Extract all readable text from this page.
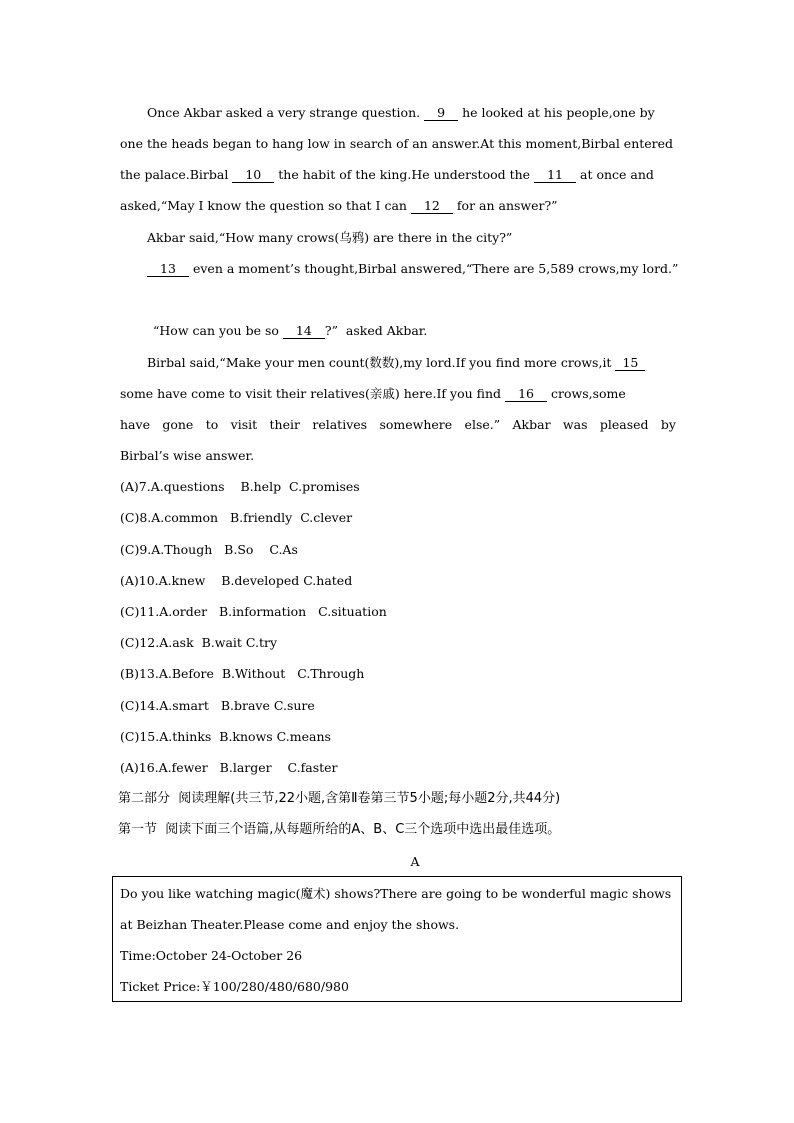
Once Akbar asked a very strange question. 9 he looked at his people,one by
one the heads began to hang low in search of an answer.At this moment,Birbal entered
the palace.Birbal 10 the habit of the king.He understood the 11 at once and
asked,“May I know the question so that I can 12 for an answer?”
Akbar said,“How many crows(乌鸦) are there in the city?”
13 even a moment’s thought,Birbal answered,“There are 5,589 crows,my lord.”
“How can you be so 14 ?”  asked Akbar.
Birbal said,“Make your men count(数数),my lord.If you find more crows,it 15
some have come to visit their relatives(亲戚) here.If you find 16 crows,some
have gone to visit their relatives somewhere else.” Akbar was pleased by
Birbal’s wise answer.
(A)7.A.questions    B.help  C.promises
(C)8.A.common   B.friendly  C.clever
(C)9.A.Though   B.So    C.As
(A)10.A.knew    B.developed C.hated
(C)11.A.order   B.information   C.situation
(C)12.A.ask  B.wait C.try
(B)13.A.Before  B.Without   C.Through
(C)14.A.smart   B.brave C.sure
(C)15.A.thinks  B.knows C.means
(A)16.A.fewer   B.larger    C.faster
第二部分  阅读理解(共三节,22小题,含第Ⅱ卷第三节5小题;每小题2分,共44分)
第一节  阅读下面三个语篇,从每题所给的A、B、C三个选项中选出最佳选项。
A
Do you like watching magic(魔术) shows?There are going to be wonderful magic shows
at Beizhan Theater.Please come and enjoy the shows.
Time:October 24-October 26
Ticket Price:￥100/280/480/680/980
